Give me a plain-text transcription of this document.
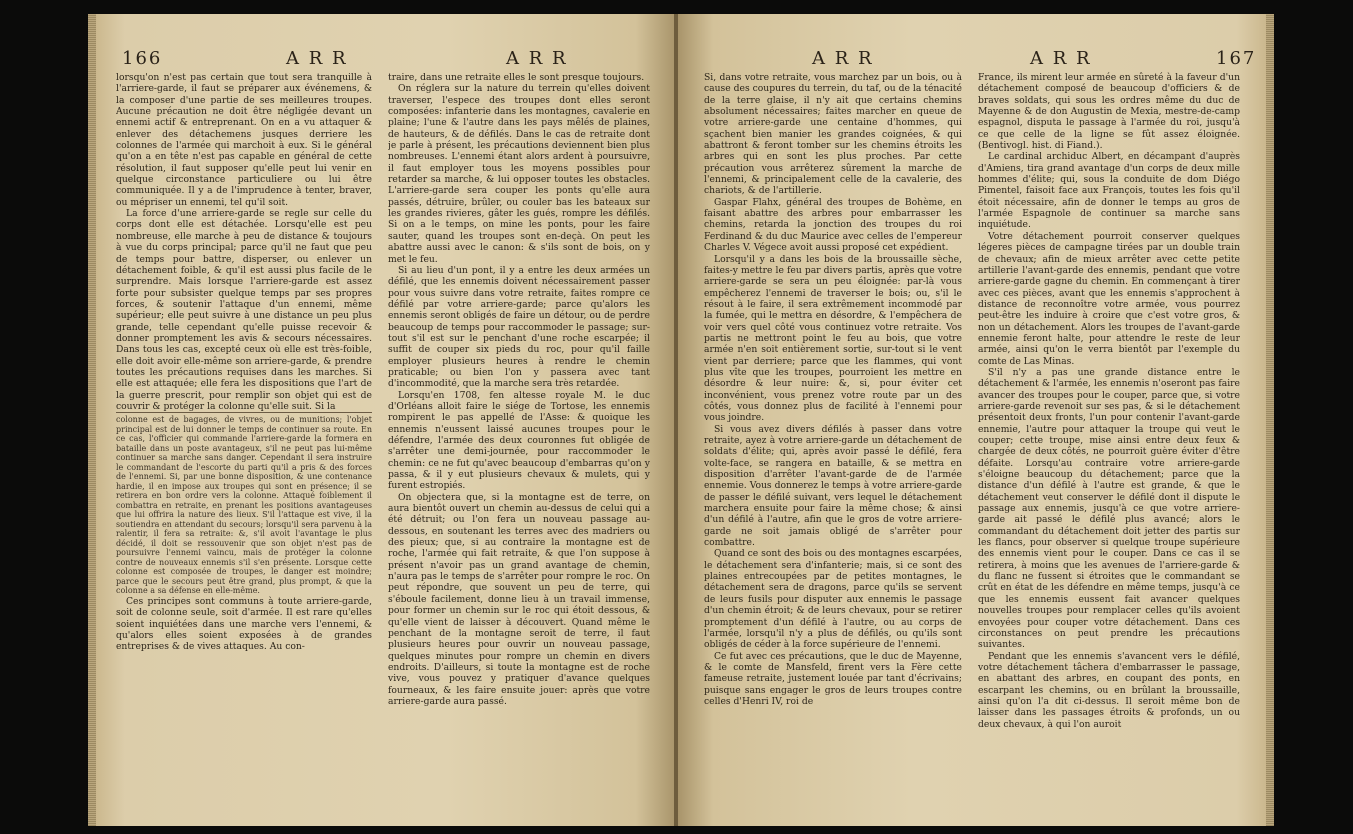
166	A R R	A R R

lorsqu'on n'est pas certain que tout sera tranquille à l'arriere-garde, il faut se préparer aux événemens, & la composer d'une partie de ses meilleures troupes. Aucune précaution ne doit être négligée devant un ennemi actif & entreprenant. On en a vu attaquer & enlever des détachemens jusques derriere les colonnes de l'armée qui marchoit à eux. Si le général qu'on a en tête n'est pas capable en général de cette résolution, il faut supposer qu'elle peut lui venir en quelque circonstance particuliere ou lui être communiquée. Il y a de l'imprudence à tenter, braver, ou mépriser un ennemi, tel qu'il soit.

La force d'une arriere-garde se regle sur celle du corps dont elle est détachée. Lorsqu'elle est peu nombreuse, elle marche à peu de distance & toujours à vue du corps principal; parce qu'il ne faut que peu de temps pour battre, disperser, ou enlever un détachement foible, & qu'il est aussi plus facile de le surprendre. Mais lorsque l'arriere-garde est assez forte pour subsister quelque temps par ses propres forces, & soutenir l'attaque d'un ennemi, même supérieur; elle peut suivre à une distance un peu plus grande, telle cependant qu'elle puisse recevoir & donner promptement les avis & secours nécessaires. Dans tous les cas, excepté ceux où elle est très-foible, elle doit avoir elle-même son arriere-garde, & prendre toutes les précautions requises dans les marches. Si elle est attaquée; elle fera les dispositions que l'art de la guerre prescrit, pour remplir son objet qui est de couvrir & protéger la colonne qu'elle suit. Si la

colonne est de bagages, de vivres, ou de munitions; l'objet principal est de lui donner le temps de continuer sa route. En ce cas, l'officier qui commande l'arriere-garde la formera en bataille dans un poste avantageux, s'il ne peut pas lui-même continuer sa marche sans danger. Cependant il sera instruire le commandant de l'escorte du parti qu'il a pris & des forces de l'ennemi. Si, par une bonne disposition, & une contenance hardie, il en impose aux troupes qui sont en présence; il se retirera en bon ordre vers la colonne. Attaqué foiblement il combattra en retraite, en prenant les positions avantageuses que lui offrira la nature des lieux. S'il l'attaque est vive, il la soutiendra en attendant du secours; lorsqu'il sera parvenu à la ralentir, il fera sa retraite: &, s'il avoit l'avantage le plus décidé, il doit se ressouvenir que son objet n'est pas de poursuivre l'ennemi vaincu, mais de protéger la colonne contre de nouveaux ennemis s'il s'en présente. Lorsque cette colonne est composée de troupes, le danger est moindre; parce que le secours peut être grand, plus prompt, & que la colonne a sa défense en elle-même.

Ces principes sont communs à toute arriere-garde, soit de colonne seule, soit d'armée. Il est rare qu'elles soient inquiétées dans une marche vers l'ennemi, & qu'alors elles soient exposées à de grandes entreprises & de vives attaques. Au con-

traire, dans une retraite elles le sont presque toujours.

On réglera sur la nature du terrein qu'elles doivent traverser, l'espece des troupes dont elles seront composées: infanterie dans les montagnes, cavalerie en plaine; l'une & l'autre dans les pays mêlés de plaines, de hauteurs, & de défilés. Dans le cas de retraite dont je parle à présent, les précautions deviennent bien plus nombreuses. L'ennemi étant alors ardent à poursuivre, il faut employer tous les moyens possibles pour retarder sa marche, & lui opposer toutes les obstacles. L'arriere-garde sera couper les ponts qu'elle aura passés, détruire, brûler, ou couler bas les bateaux sur les grandes rivieres, gâter les gués, rompre les défilés. Si on a le temps, on mine les ponts, pour les faire sauter, quand les troupes sont en-deçà. On peut les abattre aussi avec le canon: & s'ils sont de bois, on y met le feu.

Si au lieu d'un pont, il y a entre les deux armées un défilé, que les ennemis doivent nécessairement passer pour vous suivre dans votre retraite, faites rompre ce défilé par votre arriere-garde; parce qu'alors les ennemis seront obligés de faire un détour, ou de perdre beaucoup de temps pour raccommoder le passage; sur-tout s'il est sur le penchant d'une roche escarpée; il suffit de couper six pieds du roc, pour qu'il faille employer plusieurs heures à rendre le chemin praticable; ou bien l'on y passera avec tant d'incommodité, que la marche sera très retardée.

Lorsqu'en 1708, fen altesse royale M. le duc d'Orléans alloit faire le siége de Tortose, les ennemis rompirent le pas appellé de l'Asse: & quoique les ennemis n'eussent laissé aucunes troupes pour le défendre, l'armée des deux couronnes fut obligée de s'arrêter une demi-journée, pour raccommoder le chemin: ce ne fut qu'avec beaucoup d'embarras qu'on y passa, & il y eut plusieurs chevaux & mulets, qui y furent estropiés.

On objectera que, si la montagne est de terre, on aura bientôt ouvert un chemin au-dessus de celui qui a été détruit; ou l'on fera un nouveau passage au-dessous, en soutenant les terres avec des madriers ou des pieux; que, si au contraire la montagne est de roche, l'armée qui fait retraite, & que l'on suppose à présent n'avoir pas un grand avantage de chemin, n'aura pas le temps de s'arrêter pour rompre le roc. On peut répondre, que souvent un peu de terre, qui s'éboule facilement, donne lieu à un travail immense, pour former un chemin sur le roc qui étoit dessous, & qu'elle vient de laisser à découvert. Quand même le penchant de la montagne seroit de terre, il faut plusieurs heures pour ouvrir un nouveau passage, quelques minutes pour rompre un chemin en divers endroits. D'ailleurs, si toute la montagne est de roche vive, vous pouvez y pratiquer d'avance quelques fourneaux, & les faire ensuite jouer: après que votre arriere-garde aura passé.

A R R	A R R	167

Si, dans votre retraite, vous marchez par un bois, ou à cause des coupures du terrein, du taf, ou de la ténacité de la terre glaise, il n'y ait que certains chemins absolument nécessaires; faites marcher en queue de votre arriere-garde une centaine d'hommes, qui sçachent bien manier les grandes coignées, & qui abattront & feront tomber sur les chemins étroits les arbres qui en sont les plus proches. Par cette précaution vous arrêterez sûrement la marche de l'ennemi, & principalement celle de la cavalerie, des chariots, & de l'artillerie.

Gaspar Flahx, général des troupes de Bohème, en faisant abattre des arbres pour embarrasser les chemins, retarda la jonction des troupes du roi Ferdinand & du duc Maurice avec celles de l'empereur Charles V. Végece avoit aussi proposé cet expédient.

Lorsqu'il y a dans les bois de la broussaille sèche, faites-y mettre le feu par divers partis, après que votre arriere-garde se sera un peu éloignée: par-là vous empêcherez l'ennemi de traverser le bois; ou, s'il le résout à le faire, il sera extrêmement incommodé par la fumée, qui le mettra en désordre, & l'empêchera de voir vers quel côté vous continuez votre retraite. Vos partis ne mettront point le feu au bois, que votre armée n'en soit entièrement sortie, sur-tout si le vent vient par derriere; parce que les flammes, qui vont plus vîte que les troupes, pourroient les mettre en désordre & leur nuire: &, si, pour éviter cet inconvénient, vous prenez votre route par un des côtés, vous donnez plus de facilité à l'ennemi pour vous joindre.

Si vous avez divers défilés à passer dans votre retraite, ayez à votre arriere-garde un détachement de soldats d'élite; qui, après avoir passé le défilé, fera volte-face, se rangera en bataille, & se mettra en disposition d'arrêter l'avant-garde de de l'armée ennemie. Vous donnerez le temps à votre arriere-garde de passer le défilé suivant, vers lequel le détachement marchera ensuite pour faire la même chose; & ainsi d'un défilé à l'autre, afin que le gros de votre arriere-garde ne soit jamais obligé de s'arrêter pour combattre.

Quand ce sont des bois ou des montagnes escarpées, le détachement sera d'infanterie; mais, si ce sont des plaines entrecoupées par de petites montagnes, le détachement sera de dragons, parce qu'ils se servent de leurs fusils pour disputer aux ennemis le passage d'un chemin étroit; & de leurs chevaux, pour se retirer promptement d'un défilé à l'autre, ou au corps de l'armée, lorsqu'il n'y a plus de défilés, ou qu'ils sont obligés de céder à la force supérieure de l'ennemi.

Ce fut avec ces précautions, que le duc de Mayenne, & le comte de Mansfeld, firent vers la Fère cette fameuse retraite, justement louée par tant d'écrivains; puisque sans engager le gros de leurs troupes contre celles d'Henri IV, roi de

France, ils mirent leur armée en sûreté à la faveur d'un détachement composé de beaucoup d'officiers & de braves soldats, qui sous les ordres même du duc de Mayenne & de don Augustin de Mexia, mestre-de-camp espagnol, disputa le passage à l'armée du roi, jusqu'à ce que celle de la ligne se fût assez éloignée. (Bentivogl. hist. di Fiand.).

Le cardinal archiduc Albert, en décampant d'auprès d'Amiens, tira grand avantage d'un corps de deux mille hommes d'élite; qui, sous la conduite de dom Diégo Pimentel, faisoit face aux François, toutes les fois qu'il étoit nécessaire, afin de donner le temps au gros de l'armée Espagnole de continuer sa marche sans inquiétude.

Votre détachement pourroit conserver quelques légeres pièces de campagne tirées par un double train de chevaux; afin de mieux arrêter avec cette petite artillerie l'avant-garde des ennemis, pendant que votre arriere-garde gagne du chemin. En commençant à tirer avec ces pièces, avant que les ennemis s'approchent à distance de reconnoître votre armée, vous pourrez peut-être les induire à croire que c'est votre gros, & non un détachement. Alors les troupes de l'avant-garde ennemie feront halte, pour attendre le reste de leur armée, ainsi qu'on le verra bientôt par l'exemple du comte de Las Minas.

S'il n'y a pas une grande distance entre le détachement & l'armée, les ennemis n'oseront pas faire avancer des troupes pour le couper, parce que, si votre arriere-garde revenoit sur ses pas, & si le détachement présentoit deux fronts, l'un pour contenir l'avant-garde ennemie, l'autre pour attaquer la troupe qui veut le couper; cette troupe, mise ainsi entre deux feux & chargée de deux côtés, ne pourroit guère éviter d'être défaite. Lorsqu'au contraire votre arriere-garde s'éloigne beaucoup du détachement; parce que la distance d'un défilé à l'autre est grande, & que le détachement veut conserver le défilé dont il dispute le passage aux ennemis, jusqu'à ce que votre arriere-garde ait passé le défilé plus avancé; alors le commandant du détachement doit jetter des partis sur les flancs, pour observer si quelque troupe supérieure des ennemis vient pour le couper. Dans ce cas il se retirera, à moins que les avenues de l'arriere-garde & du flanc ne fussent si étroites que le commandant se crût en état de les défendre en même temps, jusqu'à ce que les ennemis eussent fait avancer quelques nouvelles troupes pour remplacer celles qu'ils avoient envoyées pour couper votre détachement. Dans ces circonstances on peut prendre les précautions suivantes.

Pendant que les ennemis s'avancent vers le défilé, votre détachement tâchera d'embarrasser le passage, en abattant des arbres, en coupant des ponts, en escarpant les chemins, ou en brûlant la broussaille, ainsi qu'on l'a dit ci-dessus. Il seroit même bon de laisser dans les passages étroits & profonds, un ou deux chevaux, à qui l'on auroit
